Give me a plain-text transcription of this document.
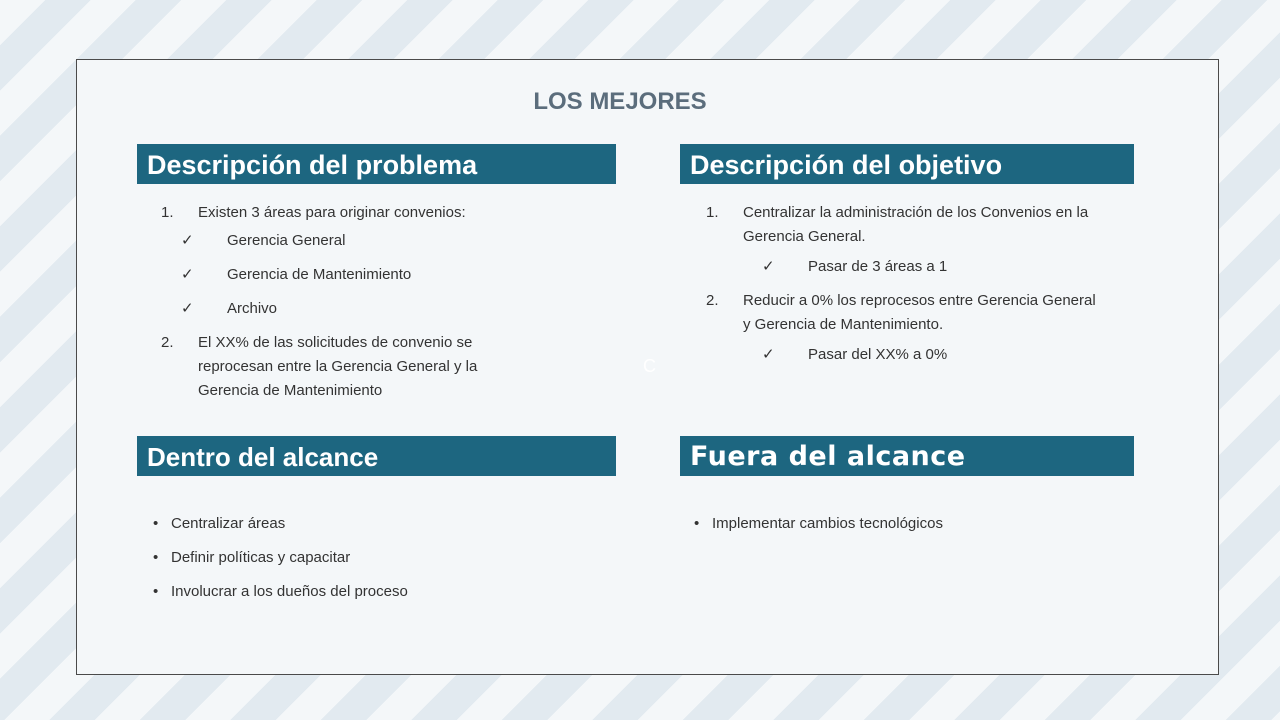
LOS MEJORES
Descripción del problema	Descripción del objetivo
Dentro del alcance	Fuera del alcance
1. Existen 3 áreas para originar convenios:
✓ Gerencia General
✓ Gerencia de Mantenimiento
✓ Archivo
2. El XX% de las solicitudes de convenio se reprocesan entre la Gerencia General y la Gerencia de Mantenimiento
1. Centralizar la administración de los Convenios en la Gerencia General.
✓ Pasar de 3 áreas a 1
2. Reducir a 0% los reprocesos entre Gerencia General y Gerencia de Mantenimiento.
✓ Pasar del XX% a 0%
C
• Centralizar áreas
• Definir políticas y capacitar
• Involucrar a los dueños del proceso
• Implementar cambios tecnológicos
